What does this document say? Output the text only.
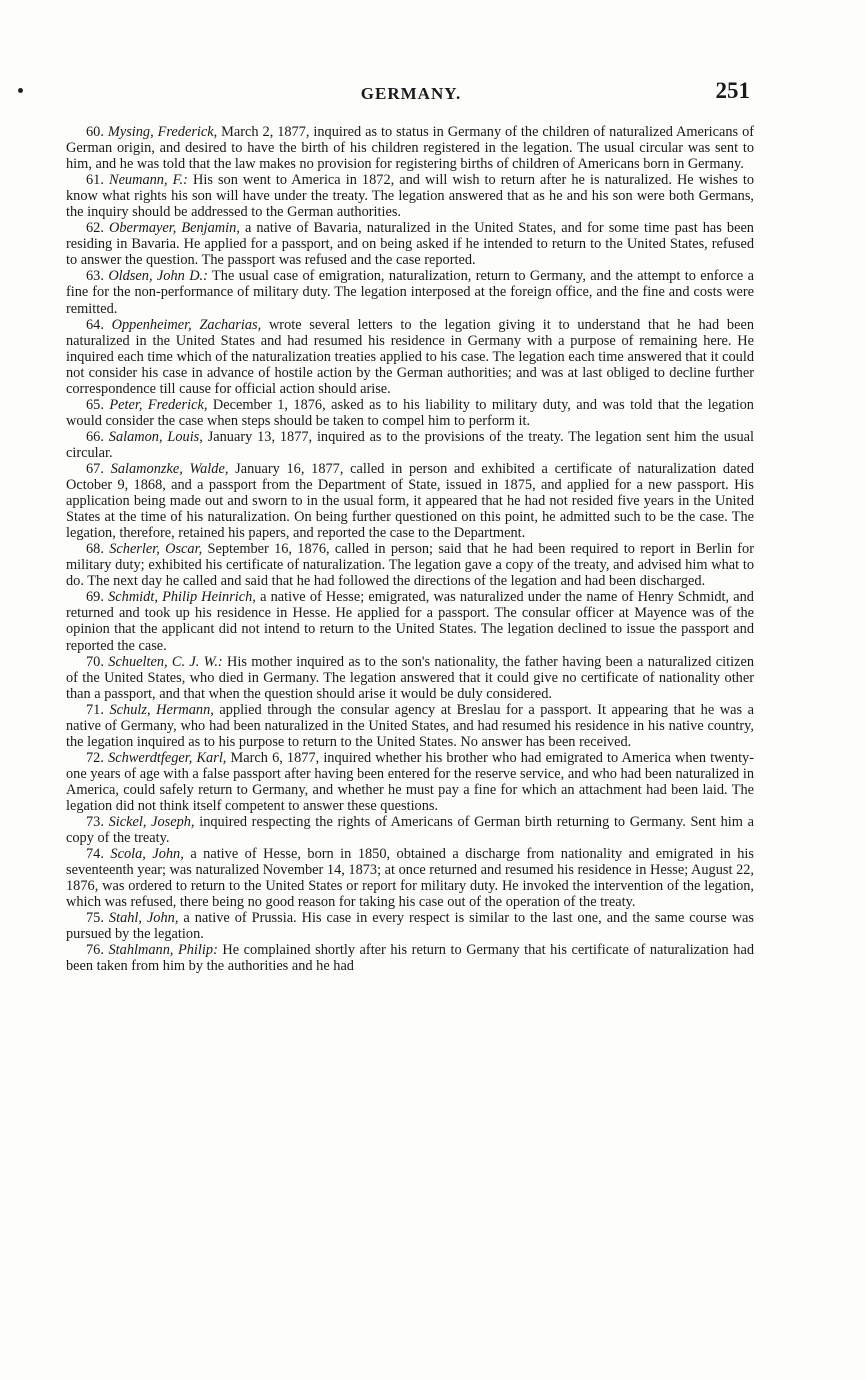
GERMANY.	251

60. Mysing, Frederick, March 2, 1877, inquired as to status in Germany of the children of naturalized Americans of German origin, and desired to have the birth of his children registered in the legation. The usual circular was sent to him, and he was told that the law makes no provision for registering births of children of Americans born in Germany.

61. Neumann, F.: His son went to America in 1872, and will wish to return after he is naturalized. He wishes to know what rights his son will have under the treaty. The legation answered that as he and his son were both Germans, the inquiry should be addressed to the German authorities.

62. Obermayer, Benjamin, a native of Bavaria, naturalized in the United States, and for some time past has been residing in Bavaria. He applied for a passport, and on being asked if he intended to return to the United States, refused to answer the question. The passport was refused and the case reported.

63. Oldsen, John D.: The usual case of emigration, naturalization, return to Germany, and the attempt to enforce a fine for the non-performance of military duty. The legation interposed at the foreign office, and the fine and costs were remitted.

64. Oppenheimer, Zacharias, wrote several letters to the legation giving it to understand that he had been naturalized in the United States and had resumed his residence in Germany with a purpose of remaining here. He inquired each time which of the naturalization treaties applied to his case. The legation each time answered that it could not consider his case in advance of hostile action by the German authorities; and was at last obliged to decline further correspondence till cause for official action should arise.

65. Peter, Frederick, December 1, 1876, asked as to his liability to military duty, and was told that the legation would consider the case when steps should be taken to compel him to perform it.

66. Salamon, Louis, January 13, 1877, inquired as to the provisions of the treaty. The legation sent him the usual circular.

67. Salamonzke, Walde, January 16, 1877, called in person and exhibited a certificate of naturalization dated October 9, 1868, and a passport from the Department of State, issued in 1875, and applied for a new passport. His application being made out and sworn to in the usual form, it appeared that he had not resided five years in the United States at the time of his naturalization. On being further questioned on this point, he admitted such to be the case. The legation, therefore, retained his papers, and reported the case to the Department.

68. Scherler, Oscar, September 16, 1876, called in person; said that he had been required to report in Berlin for military duty; exhibited his certificate of naturalization. The legation gave a copy of the treaty, and advised him what to do. The next day he called and said that he had followed the directions of the legation and had been discharged.

69. Schmidt, Philip Heinrich, a native of Hesse; emigrated, was naturalized under the name of Henry Schmidt, and returned and took up his residence in Hesse. He applied for a passport. The consular officer at Mayence was of the opinion that the applicant did not intend to return to the United States. The legation declined to issue the passport and reported the case.

70. Schuelten, C. J. W.: His mother inquired as to the son's nationality, the father having been a naturalized citizen of the United States, who died in Germany. The legation answered that it could give no certificate of nationality other than a passport, and that when the question should arise it would be duly considered.

71. Schulz, Hermann, applied through the consular agency at Breslau for a passport. It appearing that he was a native of Germany, who had been naturalized in the United States, and had resumed his residence in his native country, the legation inquired as to his purpose to return to the United States. No answer has been received.

72. Schwerdtfeger, Karl, March 6, 1877, inquired whether his brother who had emigrated to America when twenty-one years of age with a false passport after having been entered for the reserve service, and who had been naturalized in America, could safely return to Germany, and whether he must pay a fine for which an attachment had been laid. The legation did not think itself competent to answer these questions.

73. Sickel, Joseph, inquired respecting the rights of Americans of German birth returning to Germany. Sent him a copy of the treaty.

74. Scola, John, a native of Hesse, born in 1850, obtained a discharge from nationality and emigrated in his seventeenth year; was naturalized November 14, 1873; at once returned and resumed his residence in Hesse; August 22, 1876, was ordered to return to the United States or report for military duty. He invoked the intervention of the legation, which was refused, there being no good reason for taking his case out of the operation of the treaty.

75. Stahl, John, a native of Prussia. His case in every respect is similar to the last one, and the same course was pursued by the legation.

76. Stahlmann, Philip: He complained shortly after his return to Germany that his certificate of naturalization had been taken from him by the authorities and he had
